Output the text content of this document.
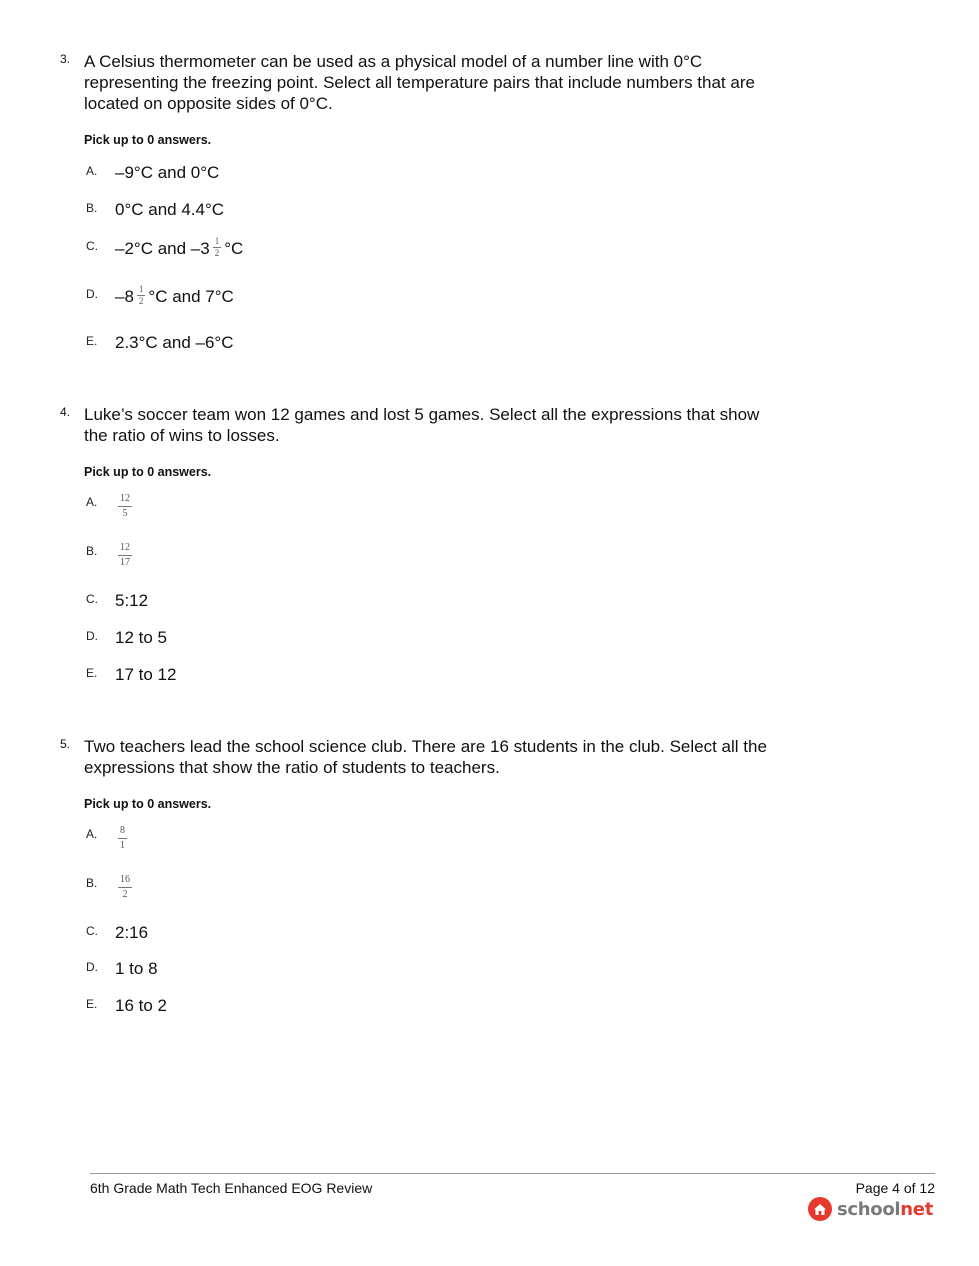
3. A Celsius thermometer can be used as a physical model of a number line with 0°C representing the freezing point. Select all temperature pairs that include numbers that are located on opposite sides of 0°C.
Pick up to 0 answers.
A. –9°C and 0°C
B. 0°C and 4.4°C
C. –2°C and $-3 \frac{1}{2} ^\circ C$
D. $-8 \frac{1}{2} ^\circ C$ and 7°C
E. 2.3°C and –6°C
4. Luke’s soccer team won 12 games and lost 5 games. Select all the expressions that show the ratio of wins to losses.
Pick up to 0 answers.
A. $\frac{12}{5}$
B. $\frac{12}{17}$
C. 5:12
D. 12 to 5
E. 17 to 12
5. Two teachers lead the school science club. There are 16 students in the club. Select all the expressions that show the ratio of students to teachers.
Pick up to 0 answers.
A. $\frac{8}{1}$
B. $\frac{16}{2}$
C. 2:16
D. 1 to 8
E. 16 to 2
6th Grade Math Tech Enhanced EOG Review	Page 4 of 12
schoolnet
